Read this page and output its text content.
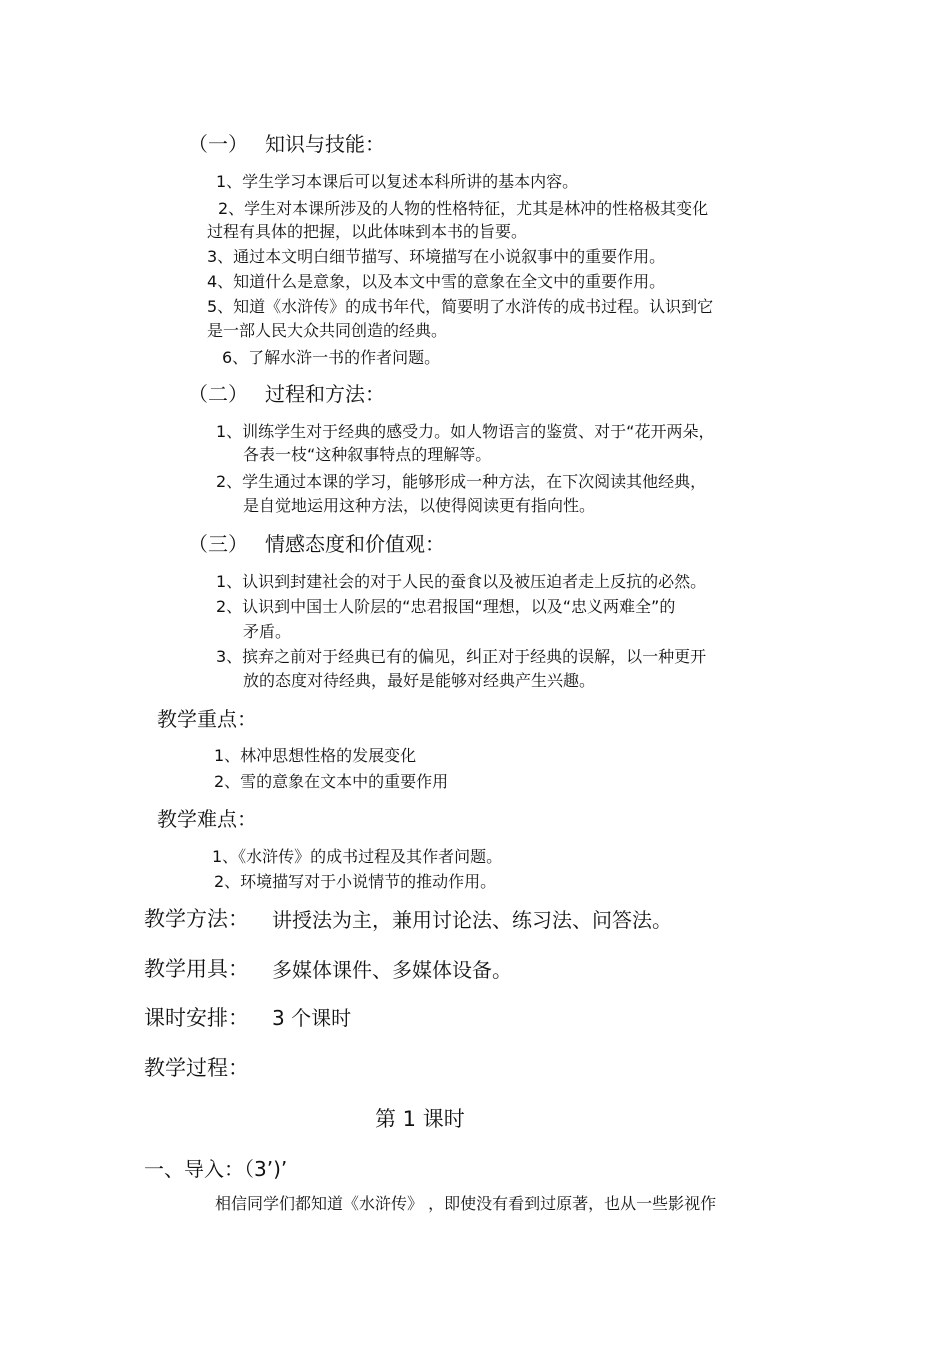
（一） 知识与技能：
1、学生学习本课后可以复述本科所讲的基本内容。
2、学生对本课所涉及的人物的性格特征，尤其是林冲的性格极其变化
过程有具体的把握，以此体味到本书的旨要。
3、通过本文明白细节描写、环境描写在小说叙事中的重要作用。
4、知道什么是意象，以及本文中雪的意象在全文中的重要作用。
5、知道《水浒传》的成书年代，简要明了水浒传的成书过程。认识到它
是一部人民大众共同创造的经典。
6、了解水浒一书的作者问题。
（二） 过程和方法：
1、训练学生对于经典的感受力。如人物语言的鉴赏、对于“花开两朵，
各表一枝“这种叙事特点的理解等。
2、学生通过本课的学习，能够形成一种方法，在下次阅读其他经典，
是自觉地运用这种方法，以使得阅读更有指向性。
（三） 情感态度和价值观：
1、认识到封建社会的对于人民的蚕食以及被压迫者走上反抗的必然。
2、认识到中国士人阶层的“忠君报国“理想，以及“忠义两难全”的
矛盾。
3、摈弃之前对于经典已有的偏见，纠正对于经典的误解，以一种更开
放的态度对待经典，最好是能够对经典产生兴趣。
教学重点：
1、林冲思想性格的发展变化
2、雪的意象在文本中的重要作用
教学难点：
1、《水浒传》的成书过程及其作者问题。
2、环境描写对于小说情节的推动作用。
教学方法： 讲授法为主，兼用讨论法、练习法、问答法。
教学用具： 多媒体课件、多媒体设备。
课时安排： 3 个课时
教学过程：
第 1 课时
一、导入：（3’)’
相信同学们都知道《水浒传》 ，即使没有看到过原著，也从一些影视作
